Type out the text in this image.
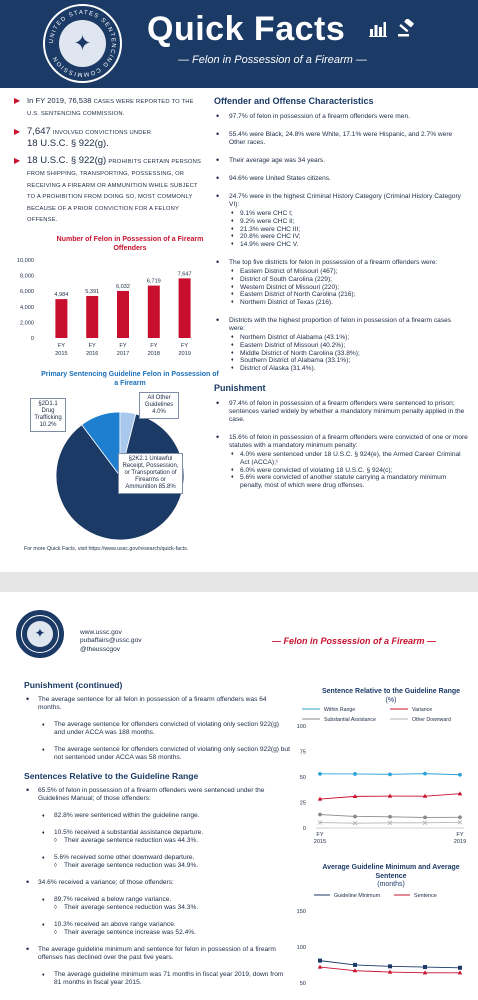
UNITED STATES SENTENCING COMMISSION
✦ Quick Facts

— Felon in Possession of a Firearm —
▶ In FY 2019, 76,538 CASES WERE REPORTED TO THE U.S. SENTENCING COMMISSION.
▶ 7,647 INVOLVED CONVICTIONS UNDER
18 U.S.C. § 922(g).
▶ 18 U.S.C. § 922(g) PROHIBITS CERTAIN PERSONS FROM SHIPPING, TRANSPORTING, POSSESSING, OR RECEIVING A FIREARM OR AMMUNITION WHILE SUBJECT TO A PROHIBITION FROM DOING SO, MOST COMMONLY BECAUSE OF A PRIOR CONVICTION FOR A FELONY OFFENSE.
Number of Felon in Possession of a Firearm Offenders
0
2,000
4,000
6,000
8,000
10,000
4,984
FY
2015
5,391
FY
2016
6,032
FY
2017
6,719
FY
2018
7,647
FY
2019
Primary Sentencing Guideline Felon in Possession of a Firearm
§2D1.1 Drug Trafficking 10.2%
All Other Guidelines 4.0%
§2K2.1 Unlawful Receipt, Possession, or Transportation of Firearms or Ammunition 85.8%
For more Quick Facts, visit https://www.ussc.gov/research/quick-facts.
Offender and Offense Characteristics
• 97.7% of felon in possession of a firearm offenders were men.
• 55.4% were Black, 24.8% were White, 17.1% were Hispanic, and 2.7% were Other races.
• Their average age was 34 years.
• 94.6% were United States citizens.
• 24.7% were in the highest Criminal History Category (Criminal History Category VI):
♦ 9.1% were CHC I;
♦ 9.2% were CHC II;
♦ 21.3% were CHC III;
♦ 20.8% were CHC IV;
♦ 14.9% were CHC V.
• The top five districts for felon in possession of a firearm offenders were:
♦ Eastern District of Missouri (467);
♦ District of South Carolina (229);
♦ Western District of Missouri (220);
♦ Eastern District of North Carolina (216);
♦ Northern District of Texas (216).
• Districts with the highest proportion of felon in possession of a firearm cases were:
♦ Northern District of Alabama (43.1%);
♦ Eastern District of Missouri (40.2%);
♦ Middle District of North Carolina (33.8%);
♦ Southern District of Alabama (33.1%);
♦ District of Alaska (31.4%).
Punishment
• 97.4% of felon in possession of a firearm offenders were sentenced to prison; sentences varied widely by whether a mandatory minimum penalty applied in the case.
• 15.6% of felon in possession of a firearm offenders were convicted of one or more statutes with a mandatory minimum penalty:
♦ 4.0% were sentenced under 18 U.S.C. § 924(e), the Armed Career Criminal Act (ACCA);¹
♦ 6.0% were convicted of violating 18 U.S.C. § 924(c);
♦ 5.6% were convicted of another statute carrying a mandatory minimum penalty, most of which were drug offenses.
✦	www.ussc.gov
pubaffairs@ussc.gov
@theusscgov
— Felon in Possession of a Firearm —
Punishment (continued)
• The average sentence for all felon in possession of a firearm offenders was 64 months.
♦ The average sentence for offenders convicted of violating only section 922(g) and under ACCA was 188 months.
♦ The average sentence for offenders convicted of violating only section 922(g) but not sentenced under ACCA was 58 months.
Sentences Relative to the Guideline Range
• 65.5% of felon in possession of a firearm offenders were sentenced under the Guidelines Manual; of those offenders:
♦ 82.8% were sentenced within the guideline range.
♦ 10.5% received a substantial assistance departure.
◊ Their average sentence reduction was 44.3%.
♦ 5.6% received some other downward departure.
◊ Their average sentence reduction was 34.9%.
• 34.6% received a variance; of those offenders:
♦ 89.7% received a below range variance.
◊ Their average sentence reduction was 34.3%.
♦ 10.3% received an above range variance.
◊ Their average sentence increase was 52.4%.
• The average guideline minimum and sentence for felon in possession of a firearm offenses has declined over the past five years.
♦ The average guideline minimum was 71 months in fiscal year 2019, down from 81 months in fiscal year 2015.
Sentence Relative to the Guideline Range (%)
Within Range	Variance
Substantial Assistance	Other Downward
0
25
50
75
100
FY
2015
FY
2019
Average Guideline Minimum and Average Sentence
(months)
Guideline Minimum	Sentence
50
100
150
